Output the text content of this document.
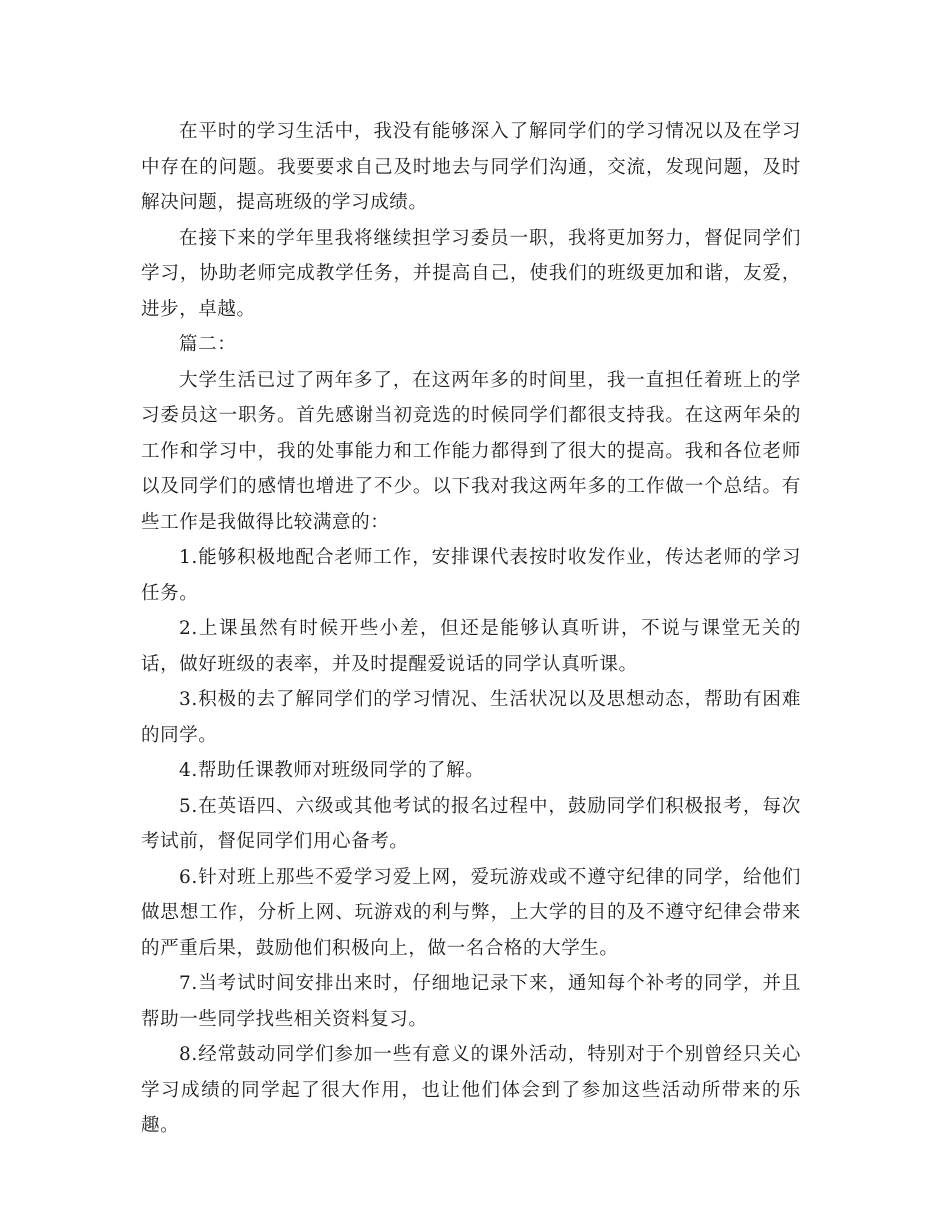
在平时的学习生活中，我没有能够深入了解同学们的学习情况以及在学习中存在的问题。我要要求自己及时地去与同学们沟通，交流，发现问题，及时解决问题，提高班级的学习成绩。

在接下来的学年里我将继续担学习委员一职，我将更加努力，督促同学们学习，协助老师完成教学任务，并提高自己，使我们的班级更加和谐，友爱，进步，卓越。

篇二：

大学生活已过了两年多了，在这两年多的时间里，我一直担任着班上的学习委员这一职务。首先感谢当初竞选的时候同学们都很支持我。在这两年朵的工作和学习中，我的处事能力和工作能力都得到了很大的提高。我和各位老师以及同学们的感情也增进了不少。以下我对我这两年多的工作做一个总结。有些工作是我做得比较满意的：

1.能够积极地配合老师工作，安排课代表按时收发作业，传达老师的学习任务。

2.上课虽然有时候开些小差，但还是能够认真听讲，不说与课堂无关的话，做好班级的表率，并及时提醒爱说话的同学认真听课。

3.积极的去了解同学们的学习情况、生活状况以及思想动态，帮助有困难的同学。

4.帮助任课教师对班级同学的了解。

5.在英语四、六级或其他考试的报名过程中，鼓励同学们积极报考，每次考试前，督促同学们用心备考。

6.针对班上那些不爱学习爱上网，爱玩游戏或不遵守纪律的同学，给他们做思想工作，分析上网、玩游戏的利与弊，上大学的目的及不遵守纪律会带来的严重后果，鼓励他们积极向上，做一名合格的大学生。

7.当考试时间安排出来时，仔细地记录下来，通知每个补考的同学，并且帮助一些同学找些相关资料复习。

8.经常鼓动同学们参加一些有意义的课外活动，特别对于个别曾经只关心学习成绩的同学起了很大作用，也让他们体会到了参加这些活动所带来的乐趣。
